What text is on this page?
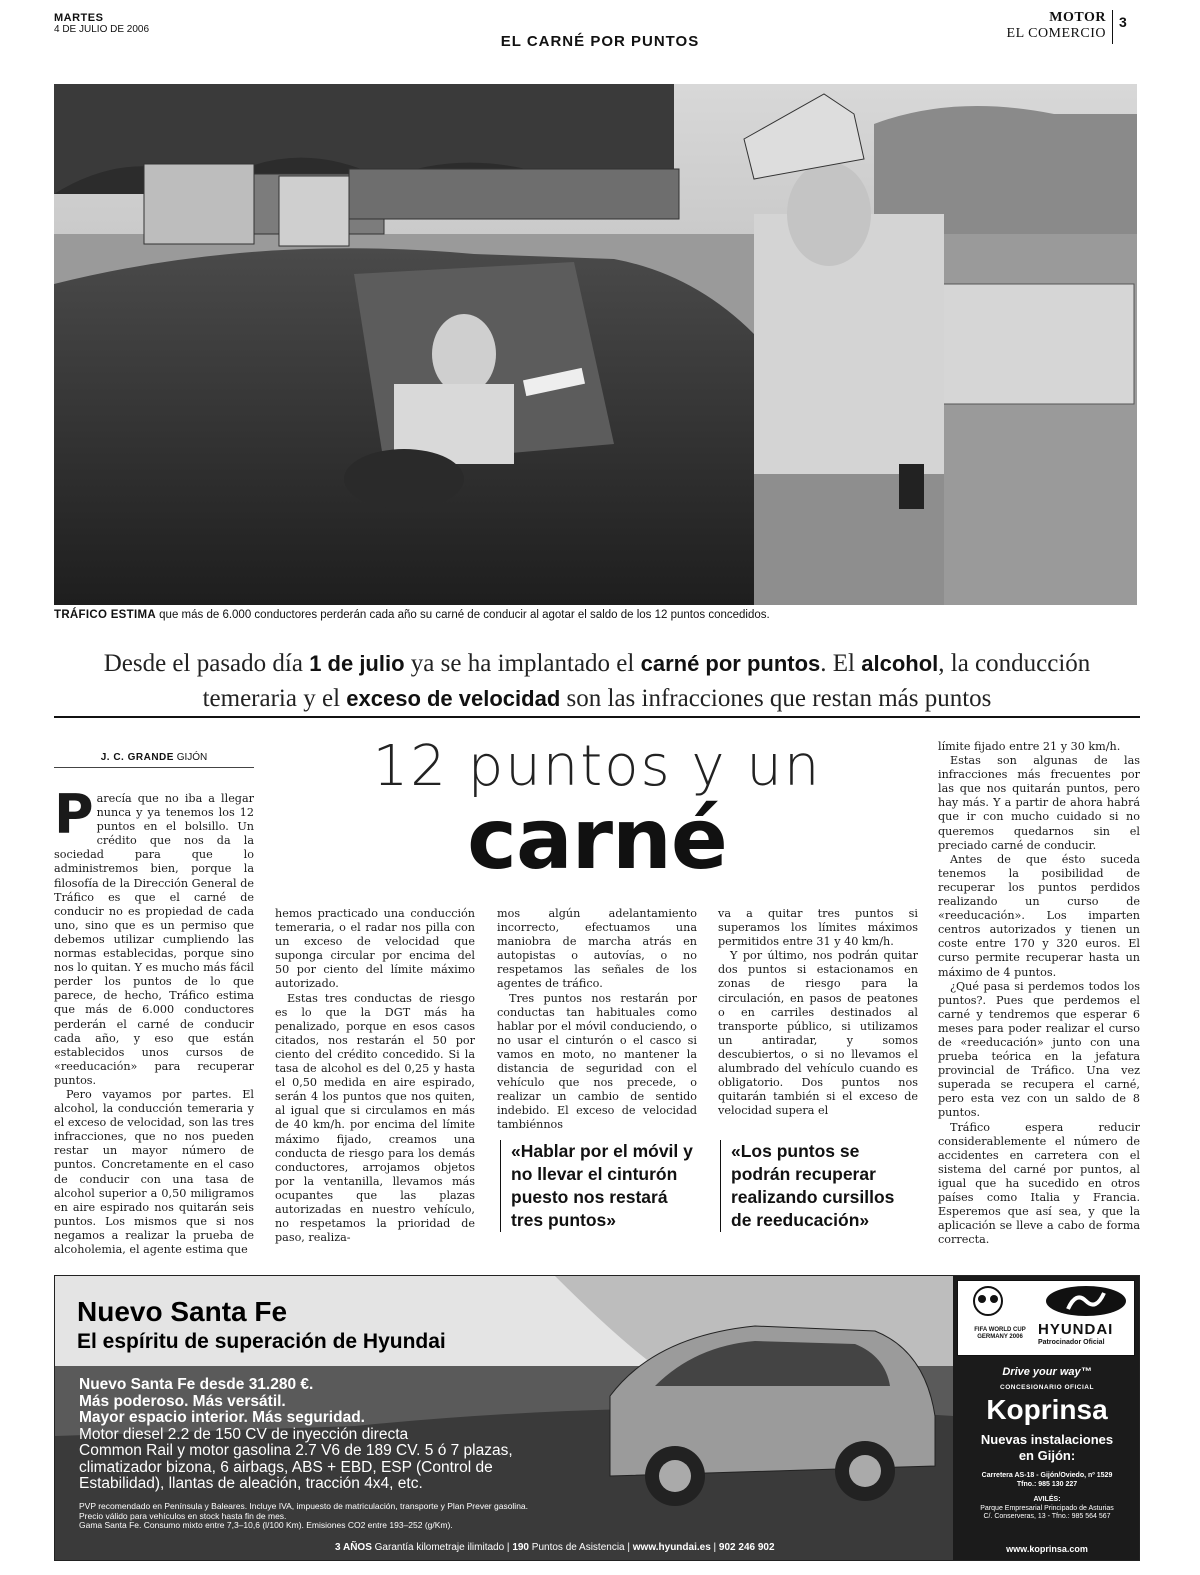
MARTES
4 DE JULIO DE 2006
EL CARNÉ POR PUNTOS
MOTOR
EL COMERCIO
3
TRÁFICO ESTIMA que más de 6.000 conductores perderán cada año su carné de conducir al agotar el saldo de los 12 puntos concedidos.
Desde el pasado día 1 de julio ya se ha implantado el carné por puntos. El alcohol, la conducción temeraria y el exceso de velocidad son las infracciones que restan más puntos
12 puntos y un
carné
J. C. GRANDE GIJÓN

Parecía que no iba a llegar nunca y ya tenemos los 12 puntos en el bolsillo. Un crédito que nos da la sociedad para que lo administremos bien, porque la filosofía de la Dirección General de Tráfico es que el carné de conducir no es propiedad de cada uno, sino que es un permiso que debemos utilizar cumpliendo las normas establecidas, porque sino nos lo quitan. Y es mucho más fácil perder los puntos de lo que parece, de hecho, Tráfico estima que más de 6.000 conductores perderán el carné de conducir cada año, y eso que están establecidos unos cursos de «reeducación» para recuperar puntos.

Pero vayamos por partes. El alcohol, la conducción temeraria y el exceso de velocidad, son las tres infracciones, que no nos pueden restar un mayor número de puntos. Concretamente en el caso de conducir con una tasa de alcohol superior a 0,50 miligramos en aire espirado nos quitarán seis puntos. Los mismos que si nos negamos a realizar la prueba de alcoholemia, el agente estima que

hemos practicado una conducción temeraria, o el radar nos pilla con un exceso de velocidad que suponga circular por encima del 50 por ciento del límite máximo autorizado.

Estas tres conductas de riesgo es lo que la DGT más ha penalizado, porque en esos casos citados, nos restarán el 50 por ciento del crédito concedido. Si la tasa de alcohol es del 0,25 y hasta el 0,50 medida en aire espirado, serán 4 los puntos que nos quiten, al igual que si circulamos en más de 40 km/h. por encima del límite máximo fijado, creamos una conducta de riesgo para los demás conductores, arrojamos objetos por la ventanilla, llevamos más ocupantes que las plazas autorizadas en nuestro vehículo, no respetamos la prioridad de paso, realiza-

mos algún adelantamiento incorrecto, efectuamos una maniobra de marcha atrás en autopistas o autovías, o no respetamos las señales de los agentes de tráfico.

Tres puntos nos restarán por conductas tan habituales como hablar por el móvil conduciendo, o no usar el cinturón o el casco si vamos en moto, no mantener la distancia de seguridad con el vehículo que nos precede, o realizar un cambio de sentido indebido. El exceso de velocidad tambiénnos

va a quitar tres puntos si superamos los límites máximos permitidos entre 31 y 40 km/h.

Y por último, nos podrán quitar dos puntos si estacionamos en zonas de riesgo para la circulación, en pasos de peatones o en carriles destinados al transporte público, si utilizamos un antiradar, y somos descubiertos, o si no llevamos el alumbrado del vehículo cuando es obligatorio. Dos puntos nos quitarán también si el exceso de velocidad supera el

«Hablar por el móvil y no llevar el cinturón puesto nos restará tres puntos»
«Los puntos se podrán recuperar realizando cursillos de reeducación»

límite fijado entre 21 y 30 km/h.

Estas son algunas de las infracciones más frecuentes por las que nos quitarán puntos, pero hay más. Y a partir de ahora habrá que ir con mucho cuidado si no queremos quedarnos sin el preciado carné de conducir.

Antes de que ésto suceda tenemos la posibilidad de recuperar los puntos perdidos realizando un curso de «reeducación». Los imparten centros autorizados y tienen un coste entre 170 y 320 euros. El curso permite recuperar hasta un máximo de 4 puntos.

¿Qué pasa si perdemos todos los puntos?. Pues que perdemos el carné y tendremos que esperar 6 meses para poder realizar el curso de «reeducación» junto con una prueba teórica en la jefatura provincial de Tráfico. Una vez superada se recupera el carné, pero esta vez con un saldo de 8 puntos.

Tráfico espera reducir considerablemente el número de accidentes en carretera con el sistema del carné por puntos, al igual que ha sucedido en otros países como Italia y Francia. Esperemos que así sea, y que la aplicación se lleve a cabo de forma correcta.

Nuevo Santa Fe
El espíritu de superación de Hyundai
Nuevo Santa Fe desde 31.280 €.
Más poderoso. Más versátil.
Mayor espacio interior. Más seguridad.
Motor diesel 2.2 de 150 CV de inyección directa
Common Rail y motor gasolina 2.7 V6 de 189 CV. 5 ó 7 plazas,
climatizador bizona, 6 airbags, ABS + EBD, ESP (Control de
Estabilidad), llantas de aleación, tracción 4x4, etc.
PVP recomendado en Península y Baleares. Incluye IVA, impuesto de matriculación, transporte y Plan Prever gasolina.
Precio válido para vehículos en stock hasta fin de mes.
Gama Santa Fe. Consumo mixto entre 7,3–10,6 (l/100 Km). Emisiones CO2 entre 193–252 (g/Km).
3 AÑOS Garantía kilometraje ilimitado | 190 Puntos de Asistencia | www.hyundai.es | 902 246 902
FIFA WORLD CUP GERMANY 2006	HYUNDAI
Patrocinador Oficial
Drive your way™
CONCESIONARIO OFICIAL
Koprinsa
Nuevas instalaciones
en Gijón:
Carretera AS-18 - Gijón/Oviedo, nº 1529
Tfno.: 985 130 227
AVILÉS:
Parque Empresarial Principado de Asturias
C/. Conserveras, 13 - Tfno.: 985 564 567
www.koprinsa.com
